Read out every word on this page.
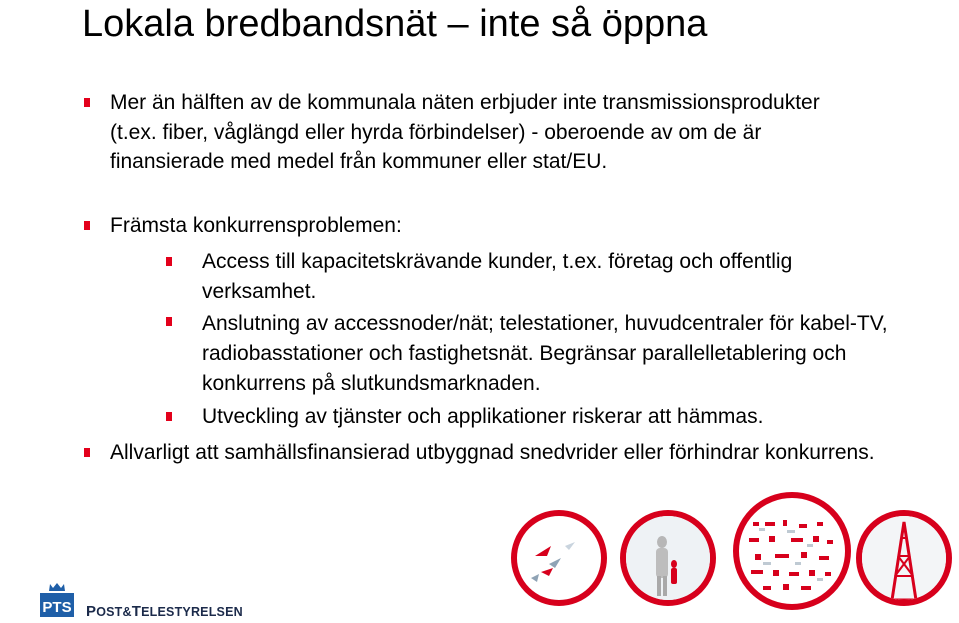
Lokala bredbandsnät – inte så öppna
Mer än hälften av de kommunala näten erbjuder inte transmissionsprodukter (t.ex. fiber, våglängd eller hyrda förbindelser) - oberoende av om de är finansierade med medel från kommuner eller stat/EU.
Främsta konkurrensproblemen:
Access till kapacitetskrävande kunder, t.ex. företag och offentlig verksamhet.
Anslutning av accessnoder/nät; telestationer, huvudcentraler för kabel-TV, radiobasstationer och fastighetsnät. Begränsar parallelletablering och konkurrens på slutkundsmarknaden.
Utveckling av tjänster och applikationer riskerar att hämmas.
Allvarligt att samhällsfinansierad utbyggnad snedvrider eller förhindrar konkurrens.
PTS POST&TELESTYRELSEN
